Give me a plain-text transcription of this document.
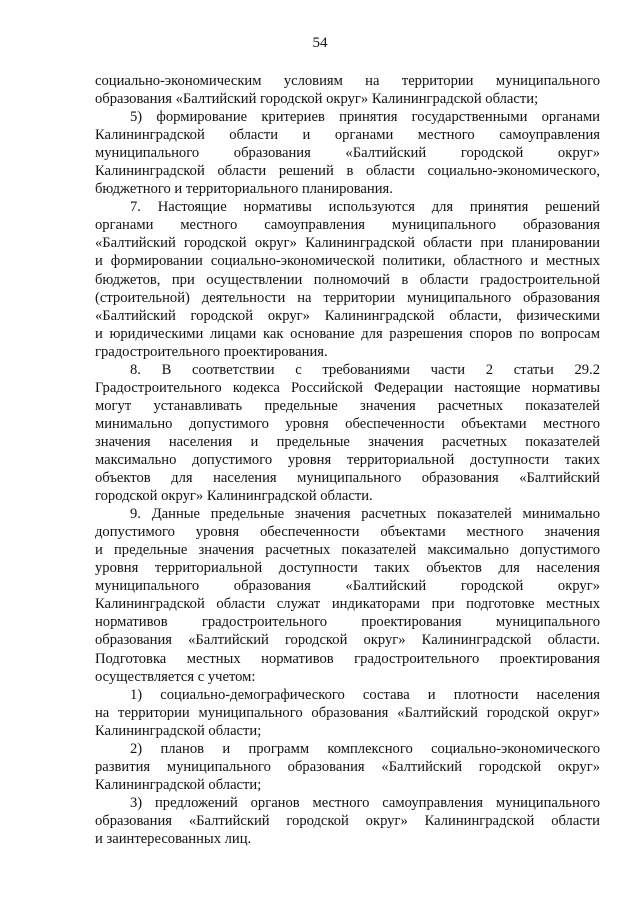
54

социально-экономическим условиям на территории муниципального
образования «Балтийский городской округ» Калининградской области;

5) формирование критериев принятия государственными органами
Калининградской области и органами местного самоуправления
муниципального образования «Балтийский городской округ»
Калининградской области решений в области социально-экономического,
бюджетного и территориального планирования.

7. Настоящие нормативы используются для принятия решений
органами местного самоуправления муниципального образования
«Балтийский городской округ» Калининградской области при планировании
и формировании социально-экономической политики, областного и местных
бюджетов, при осуществлении полномочий в области градостроительной
(строительной) деятельности на территории муниципального образования
«Балтийский городской округ» Калининградской области, физическими
и юридическими лицами как основание для разрешения споров по вопросам
градостроительного проектирования.

8. В соответствии с требованиями части 2 статьи 29.2
Градостроительного кодекса Российской Федерации настоящие нормативы
могут устанавливать предельные значения расчетных показателей
минимально допустимого уровня обеспеченности объектами местного
значения населения и предельные значения расчетных показателей
максимально допустимого уровня территориальной доступности таких
объектов для населения муниципального образования «Балтийский
городской округ» Калининградской области.

9. Данные предельные значения расчетных показателей минимально
допустимого уровня обеспеченности объектами местного значения
и предельные значения расчетных показателей максимально допустимого
уровня территориальной доступности таких объектов для населения
муниципального образования «Балтийский городской округ»
Калининградской области служат индикаторами при подготовке местных
нормативов градостроительного проектирования муниципального
образования «Балтийский городской округ» Калининградской области.
Подготовка местных нормативов градостроительного проектирования
осуществляется с учетом:

1) социально-демографического состава и плотности населения
на территории муниципального образования «Балтийский городской округ»
Калининградской области;

2) планов и программ комплексного социально-экономического
развития муниципального образования «Балтийский городской округ»
Калининградской области;

3) предложений органов местного самоуправления муниципального
образования «Балтийский городской округ» Калининградской области
и заинтересованных лиц.
